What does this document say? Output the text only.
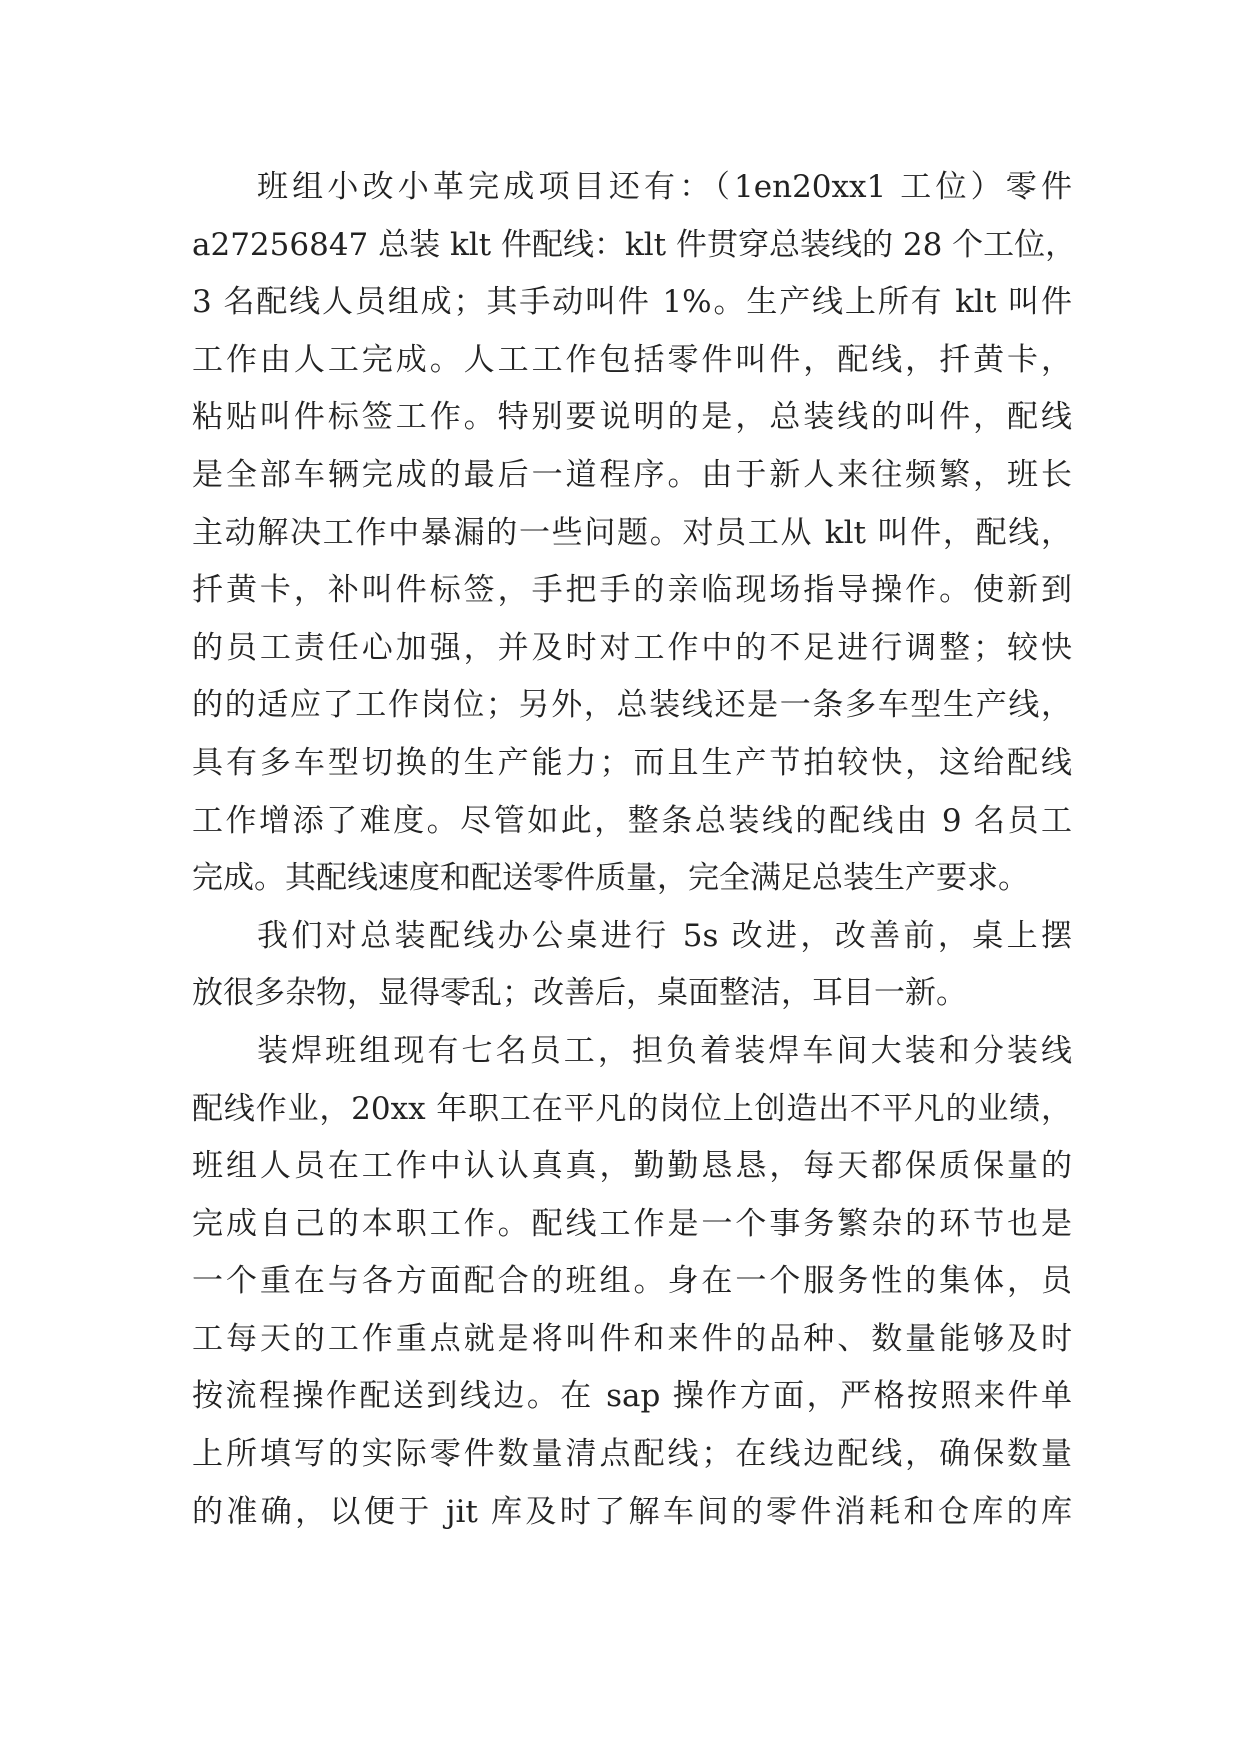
班组小改小革完成项目还有：（1en20xx1 工位）零件
a27256847 总装 klt 件配线：klt 件贯穿总装线的 28 个工位，
3 名配线人员组成；其手动叫件 1%。生产线上所有 klt 叫件
工作由人工完成。人工工作包括零件叫件，配线，扦黄卡，
粘贴叫件标签工作。特别要说明的是，总装线的叫件，配线
是全部车辆完成的最后一道程序。由于新人来往频繁，班长
主动解决工作中暴漏的一些问题。对员工从 klt 叫件，配线，
扦黄卡，补叫件标签，手把手的亲临现场指导操作。使新到
的员工责任心加强，并及时对工作中的不足进行调整；较快
的的适应了工作岗位；另外，总装线还是一条多车型生产线，
具有多车型切换的生产能力；而且生产节拍较快，这给配线
工作增添了难度。尽管如此，整条总装线的配线由 9 名员工
完成。其配线速度和配送零件质量，完全满足总装生产要求。
我们对总装配线办公桌进行 5s 改进，改善前，桌上摆
放很多杂物，显得零乱；改善后，桌面整洁，耳目一新。
装焊班组现有七名员工，担负着装焊车间大装和分装线
配线作业，20xx 年职工在平凡的岗位上创造出不平凡的业绩，
班组人员在工作中认认真真，勤勤恳恳，每天都保质保量的
完成自己的本职工作。配线工作是一个事务繁杂的环节也是
一个重在与各方面配合的班组。身在一个服务性的集体，员
工每天的工作重点就是将叫件和来件的品种、数量能够及时
按流程操作配送到线边。在 sap 操作方面，严格按照来件单
上所填写的实际零件数量清点配线；在线边配线，确保数量
的准确，以便于 jit 库及时了解车间的零件消耗和仓库的库
